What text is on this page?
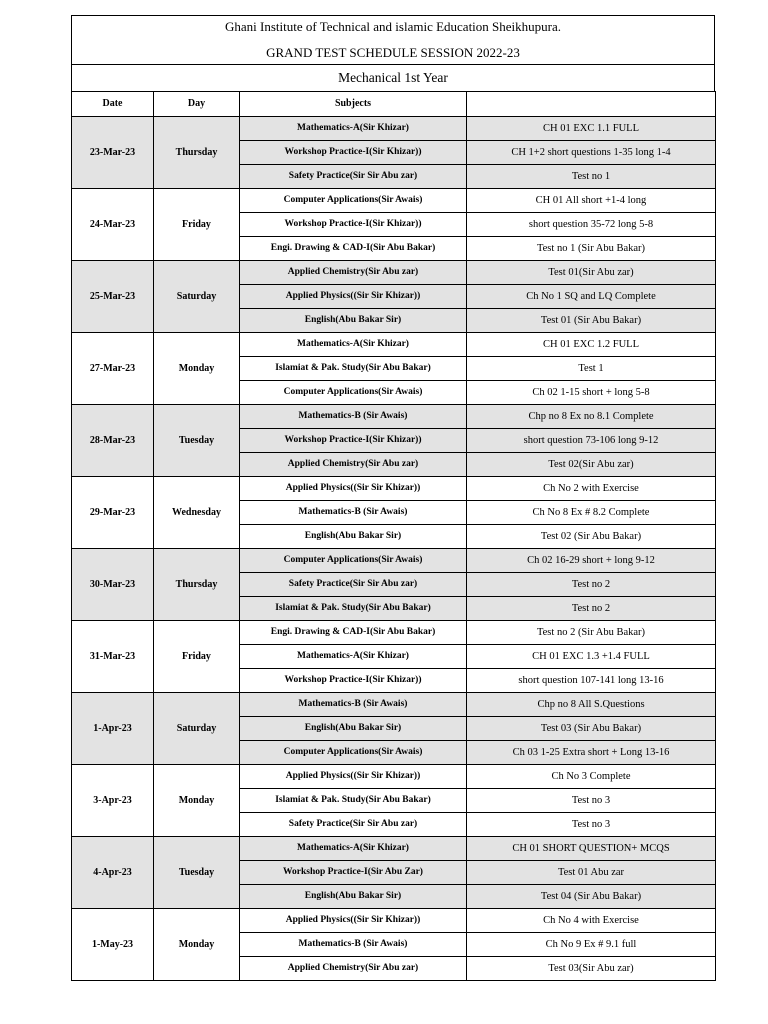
Ghani Institute of Technical and islamic Education Sheikhupura.
GRAND TEST SCHEDULE SESSION 2022-23
Mechanical 1st Year
Date	Day	Subjects	
23-Mar-23	Thursday	Mathematics-A(Sir Khizar)	CH 01 EXC 1.1 FULL
		Workshop Practice-I(Sir Khizar))	CH 1+2 short questions 1-35 long 1-4
		Safety Practice(Sir Sir Abu zar)	Test no 1
24-Mar-23	Friday	Computer Applications(Sir Awais)	CH 01 All short +1-4 long
		Workshop Practice-I(Sir Khizar))	short question 35-72 long 5-8
		Engi. Drawing & CAD-I(Sir Abu Bakar)	Test no 1 (Sir Abu Bakar)
25-Mar-23	Saturday	Applied Chemistry(Sir Abu zar)	Test 01(Sir Abu zar)
		Applied Physics((Sir Sir Khizar))	Ch No 1 SQ and LQ Complete
		English(Abu Bakar Sir)	Test 01 (Sir Abu Bakar)
27-Mar-23	Monday	Mathematics-A(Sir Khizar)	CH 01 EXC 1.2 FULL
		Islamiat & Pak. Study(Sir Abu Bakar)	Test 1
		Computer Applications(Sir Awais)	Ch 02 1-15 short + long 5-8
28-Mar-23	Tuesday	Mathematics-B (Sir Awais)	Chp no 8 Ex no 8.1 Complete
		Workshop Practice-I(Sir Khizar))	short question 73-106 long 9-12
		Applied Chemistry(Sir Abu zar)	Test 02(Sir Abu zar)
29-Mar-23	Wednesday	Applied Physics((Sir Sir Khizar))	Ch No 2 with Exercise
		Mathematics-B (Sir Awais)	Ch No 8 Ex # 8.2 Complete
		English(Abu Bakar Sir)	Test 02 (Sir Abu Bakar)
30-Mar-23	Thursday	Computer Applications(Sir Awais)	Ch 02 16-29 short + long 9-12
		Safety Practice(Sir Sir Abu zar)	Test no 2
		Islamiat & Pak. Study(Sir Abu Bakar)	Test no 2
31-Mar-23	Friday	Engi. Drawing & CAD-I(Sir Abu Bakar)	Test no 2 (Sir Abu Bakar)
		Mathematics-A(Sir Khizar)	CH 01 EXC 1.3 +1.4 FULL
		Workshop Practice-I(Sir Khizar))	short question 107-141 long 13-16
1-Apr-23	Saturday	Mathematics-B (Sir Awais)	Chp no 8 All S.Questions
		English(Abu Bakar Sir)	Test 03 (Sir Abu Bakar)
		Computer Applications(Sir Awais)	Ch 03 1-25 Extra short + Long 13-16
3-Apr-23	Monday	Applied Physics((Sir Sir Khizar))	Ch No 3 Complete
		Islamiat & Pak. Study(Sir Abu Bakar)	Test no 3
		Safety Practice(Sir Sir Abu zar)	Test no 3
4-Apr-23	Tuesday	Mathematics-A(Sir Khizar)	CH 01 SHORT QUESTION+ MCQS
		Workshop Practice-I(Sir Abu Zar)	Test 01 Abu zar
		English(Abu Bakar Sir)	Test 04 (Sir Abu Bakar)
1-May-23	Monday	Applied Physics((Sir Sir Khizar))	Ch No 4 with Exercise
		Mathematics-B (Sir Awais)	Ch No 9 Ex # 9.1 full
		Applied Chemistry(Sir Abu zar)	Test 03(Sir Abu zar)
